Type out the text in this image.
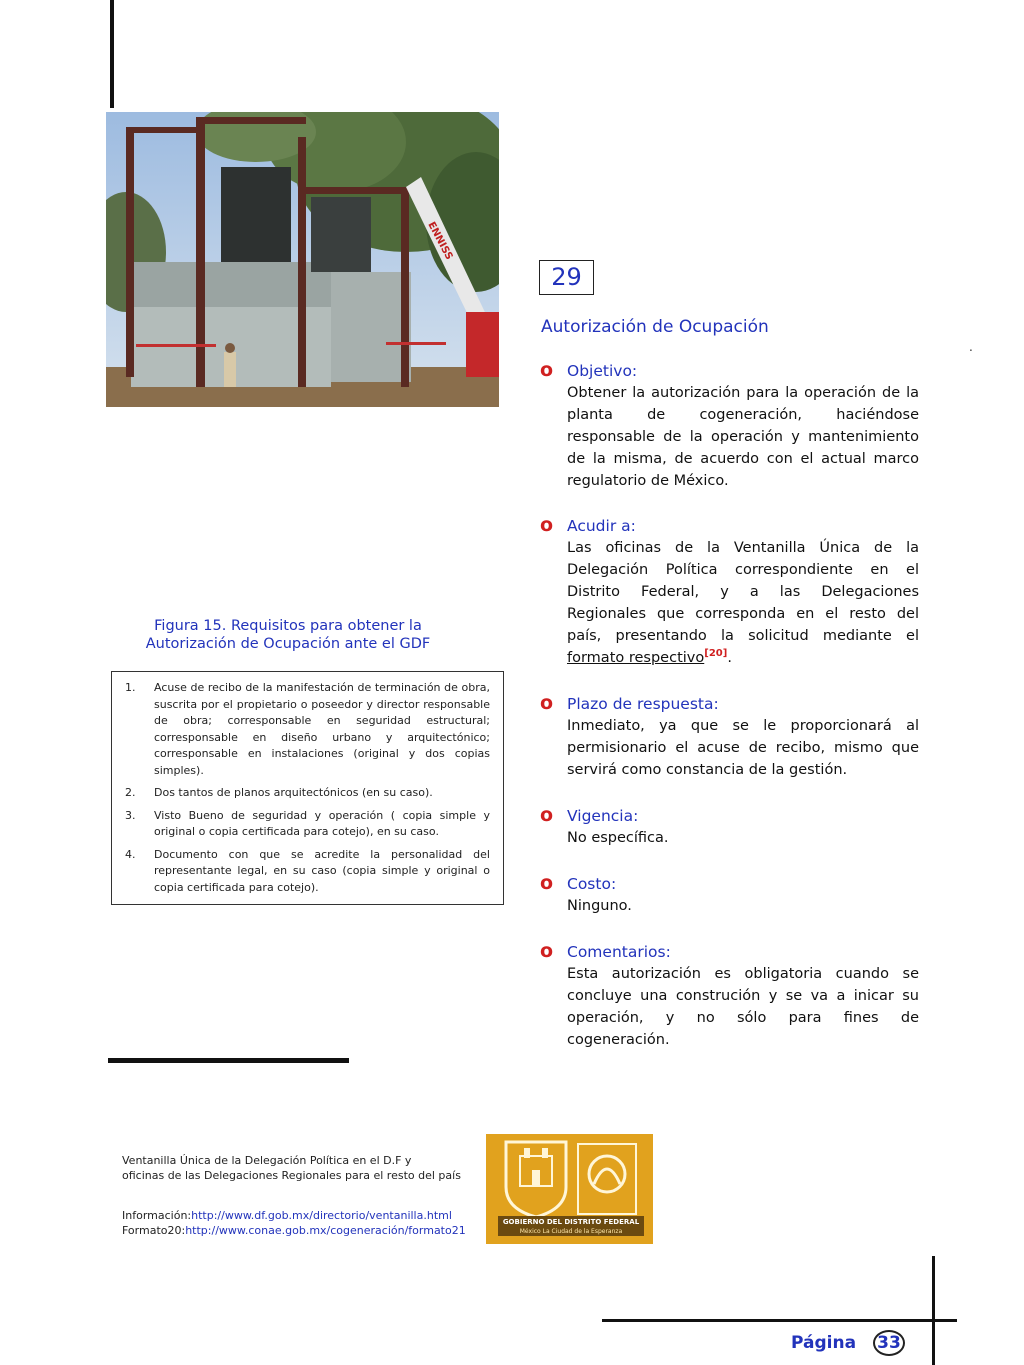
ENNISS
Figura 15. Requisitos para obtener la Autorización de Ocupación ante el GDF
1.	Acuse de recibo de la manifestación de terminación de obra, suscrita por el propietario o poseedor y director responsable de obra; corresponsable en seguridad estructural; corresponsable en diseño urbano y arquitectónico; corresponsable en instalaciones (original y dos copias simples).
2.	Dos tantos de planos arquitectónicos (en su caso).
3.	Visto Bueno de seguridad y operación ( copia simple y original o copia certificada para cotejo), en su caso.
4.	Documento con que se acredite la personalidad del representante legal, en su caso (copia simple y original o copia certificada para cotejo).
29
Autorización de Ocupación
.
o Objetivo:
Obtener la autorización para la operación de la planta de cogeneración, haciéndose responsable de la operación y mantenimiento de la misma, de acuerdo con el actual marco regulatorio de México.
o Acudir a:
Las oficinas de la Ventanilla Única de la Delegación Política correspondiente en el Distrito Federal, y a las Delegaciones Regionales que corresponda en el resto del país, presentando la solicitud mediante el formato respectivo[20].
o Plazo de respuesta:
Inmediato, ya que se le proporcionará al permisionario el acuse de recibo, mismo que servirá como constancia de la gestión.
o Vigencia:
No específica.
o Costo:
Ninguno.
o Comentarios:
Esta autorización es obligatoria cuando se concluye una construción y se va a inicar su operación, y no sólo para fines de cogeneración.
Ventanilla Única de la Delegación Política en el D.F y
oficinas de las Delegaciones Regionales para el resto del país
Información:http://www.df.gob.mx/directorio/ventanilla.html
Formato20:http://www.conae.gob.mx/cogeneración/formato21
GOBIERNO DEL DISTRITO FEDERAL
México La Ciudad de la Esperanza
Página 33
